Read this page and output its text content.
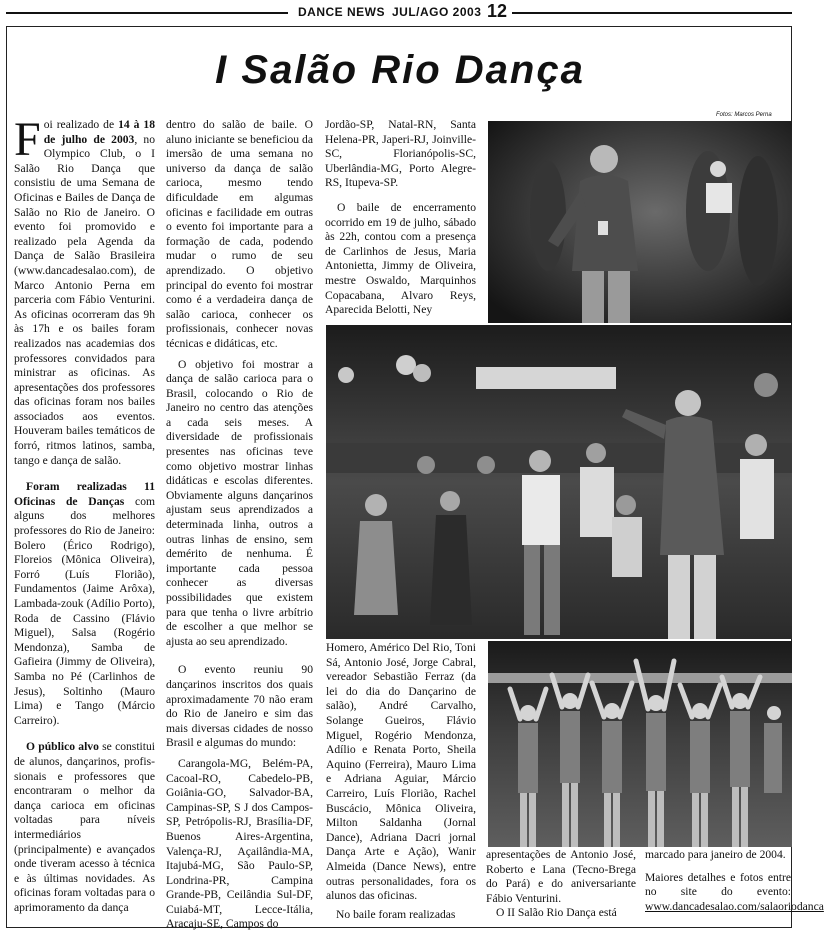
DANCE NEWS JUL/AGO 2003 12
I Salão Rio Dança

Foi realizado de 14 à 18 de julho de 2003, no Olympico Club, o I Salão Rio Dança que consistiu de uma Semana de Oficinas e Bailes de Dança de Salão no Rio de Janeiro. O evento foi promovido e realizado pela Agenda da Dança de Salão Brasileira (www.dancadesalao.com), de Marco Antonio Perna em parceria com Fábio Venturini. As oficinas ocorreram das 9h às 17h e os bailes foram realizados nas academias dos professores convidados para ministrar as oficinas. As apresentações dos professores das oficinas foram nos bailes associados aos eventos. Houveram bailes temáticos de forró, ritmos latinos, samba, tango e dança de salão.

Foram realizadas 11 Oficinas de Danças com alguns dos melhores professores do Rio de Janeiro: Bolero (Érico Rodrigo), Floreios (Mônica Oliveira), Forró (Luís Florião), Fundamentos (Jaime Arôxa), Lambada-zouk (Adílio Porto), Roda de Cassino (Flávio Miguel), Salsa (Rogério Mendonza), Samba de Gafieira (Jimmy de Oliveira), Samba no Pé (Carlinhos de Jesus), Soltinho (Mauro Lima) e Tango (Márcio Carreiro).

O público alvo se constitui de alunos, dançarinos, profis-sionais e professores que encontraram o melhor da dança carioca em oficinas voltadas para níveis intermediários (principalmente) e avançados onde tiveram acesso à técnica e às últimas novidades. As oficinas foram voltadas para o aprimoramento da dança

dentro do salão de baile. O aluno iniciante se beneficiou da imersão de uma semana no universo da dança de salão carioca, mesmo tendo dificuldade em algumas oficinas e facilidade em outras o evento foi importante para a formação de cada, podendo mudar o rumo de seu aprendizado. O objetivo principal do evento foi mostrar como é a verdadeira dança de salão carioca, conhecer os profissionais, conhecer novas técnicas e didáticas, etc.

O objetivo foi mostrar a dança de salão carioca para o Brasil, colocando o Rio de Janeiro no centro das atenções a cada seis meses. A diversidade de profissionais presentes nas oficinas teve como objetivo mostrar linhas didáticas e escolas diferentes. Obviamente alguns dançarinos ajustam seus aprendizados a determinada linha, outros a outras linhas de ensino, sem demérito de nenhuma. É importante cada pessoa conhecer as diversas possibilidades que existem para que tenha o livre arbítrio de escolher a que melhor se ajusta ao seu aprendizado.

O evento reuniu 90 dançarinos inscritos dos quais aproximadamente 70 não eram do Rio de Janeiro e sim das mais diversas cidades de nosso Brasil e algumas do mundo:

Carangola-MG, Belém-PA, Cacoal-RO, Cabedelo-PB, Goiânia-GO, Salvador-BA, Campinas-SP, S J dos Campos-SP, Petrópolis-RJ, Brasília-DF, Buenos Aires-Argentina, Valença-RJ, Açailândia-MA, Itajubá-MG, São Paulo-SP, Londrina-PR, Campina Grande-PB, Ceilândia Sul-DF, Cuiabá-MT, Lecce-Itália, Aracaju-SE, Campos do

Jordão-SP, Natal-RN, Santa Helena-PR, Japeri-RJ, Joinville-SC, Florianópolis-SC, Uberlândia-MG, Porto Alegre-RS, Itupeva-SP.

O baile de encerramento ocorrido em 19 de julho, sábado às 22h, contou com a presença de Carlinhos de Jesus, Maria Antonietta, Jimmy de Oliveira, mestre Oswaldo, Marquinhos Copacabana, Alvaro Reys, Aparecida Belotti, Ney

Fotos: Marcos Perna

Homero, Américo Del Rio, Toni Sá, Antonio José, Jorge Cabral, vereador Sebastião Ferraz (da lei do dia do Dançarino de salão), André Carvalho, Solange Gueiros, Flávio Miguel, Rogério Mendonza, Adílio e Renata Porto, Sheila Aquino (Ferreira), Mauro Lima e Adriana Aguiar, Márcio Carreiro, Luís Florião, Rachel Buscácio, Mônica Oliveira, Milton Saldanha (Jornal Dance), Adriana Dacri jornal Dança Arte e Ação), Wanir Almeida (Dance News), entre outras personalidades, fora os alunos das oficinas.

No baile foram realizadas

apresentações de Antonio José, Roberto e Lana (Tecno-Brega do Pará) e do aniversariante Fábio Venturini.

O II Salão Rio Dança está

marcado para janeiro de 2004.

Maiores detalhes e fotos entre no site do evento: www.dancadesalao.com/salaoriodanca
